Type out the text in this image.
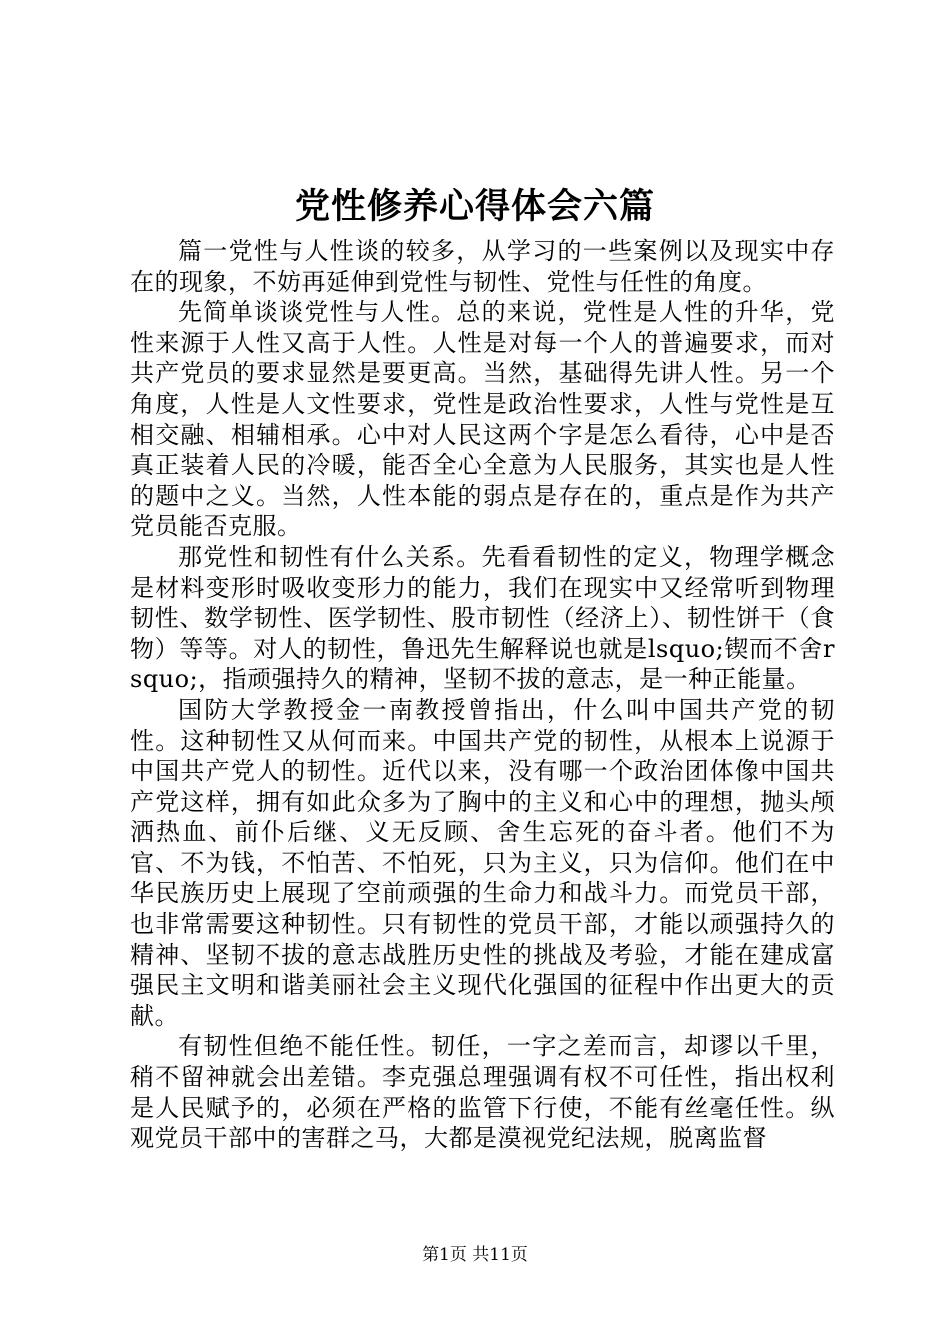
党性修养心得体会六篇

篇一党性与人性谈的较多，从学习的一些案例以及现实中存在的现象，不妨再延伸到党性与韧性、党性与任性的角度。

先简单谈谈党性与人性。总的来说，党性是人性的升华，党性来源于人性又高于人性。人性是对每一个人的普遍要求，而对共产党员的要求显然是要更高。当然，基础得先讲人性。另一个角度，人性是人文性要求，党性是政治性要求，人性与党性是互相交融、相辅相承。心中对人民这两个字是怎么看待，心中是否真正装着人民的冷暖，能否全心全意为人民服务，其实也是人性的题中之义。当然，人性本能的弱点是存在的，重点是作为共产党员能否克服。

那党性和韧性有什么关系。先看看韧性的定义，物理学概念是材料变形时吸收变形力的能力，我们在现实中又经常听到物理韧性、数学韧性、医学韧性、股市韧性（经济上）、韧性饼干（食物）等等。对人的韧性，鲁迅先生解释说也就是lsquo;锲而不舍rsquo;，指顽强持久的精神，坚韧不拔的意志，是一种正能量。

国防大学教授金一南教授曾指出，什么叫中国共产党的韧性。这种韧性又从何而来。中国共产党的韧性，从根本上说源于中国共产党人的韧性。近代以来，没有哪一个政治团体像中国共产党这样，拥有如此众多为了胸中的主义和心中的理想，抛头颅洒热血、前仆后继、义无反顾、舍生忘死的奋斗者。他们不为官、不为钱，不怕苦、不怕死，只为主义，只为信仰。他们在中华民族历史上展现了空前顽强的生命力和战斗力。而党员干部，也非常需要这种韧性。只有韧性的党员干部，才能以顽强持久的精神、坚韧不拔的意志战胜历史性的挑战及考验，才能在建成富强民主文明和谐美丽社会主义现代化强国的征程中作出更大的贡献。

有韧性但绝不能任性。韧任，一字之差而言，却谬以千里，稍不留神就会出差错。李克强总理强调有权不可任性，指出权利是人民赋予的，必须在严格的监管下行使，不能有丝毫任性。纵观党员干部中的害群之马，大都是漠视党纪法规，脱离监督

第1页 共11页
